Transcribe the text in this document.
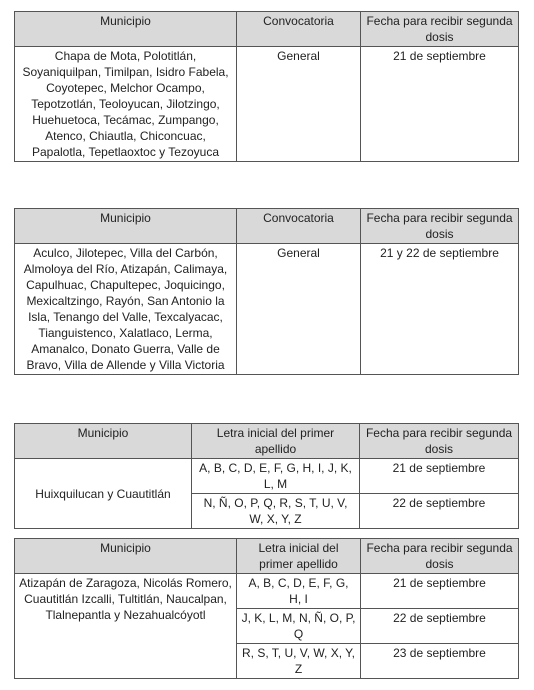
Municipio	Convocatoria	Fecha para recibir segunda dosis
Chapa de Mota, Polotitlán, Soyaniquilpan, Timilpan, Isidro Fabela, Coyotepec, Melchor Ocampo, Tepotzotlán, Teoloyucan, Jilotzingo, Huehuetoca, Tecámac, Zumpango, Atenco, Chiautla, Chiconcuac, Papalotla, Tepetlaoxtoc y Tezoyuca	General	21 de septiembre
Municipio	Convocatoria	Fecha para recibir segunda dosis
Aculco, Jilotepec, Villa del Carbón, Almoloya del Río, Atizapán, Calimaya, Capulhuac, Chapultepec, Joquicingo, Mexicaltzingo, Rayón, San Antonio la Isla, Tenango del Valle, Texcalyacac, Tianguistenco, Xalatlaco, Lerma, Amanalco, Donato Guerra, Valle de Bravo, Villa de Allende y Villa Victoria	General	21 y 22 de septiembre
Municipio	Letra inicial del primer apellido	Fecha para recibir segunda dosis
Huixquilucan y Cuautitlán	A, B, C, D, E, F, G, H, I, J, K, L, M	21 de septiembre
	N, Ñ, O, P, Q, R, S, T, U, V, W, X, Y, Z	22 de septiembre
Municipio	Letra inicial del primer apellido	Fecha para recibir segunda dosis
Atizapán de Zaragoza, Nicolás Romero, Cuautitlán Izcalli, Tultitlán, Naucalpan, Tlalnepantla y Nezahualcóyotl	A, B, C, D, E, F, G, H, I	21 de septiembre
	J, K, L, M, N, Ñ, O, P, Q	22 de septiembre
	R, S, T, U, V, W, X, Y, Z	23 de septiembre
